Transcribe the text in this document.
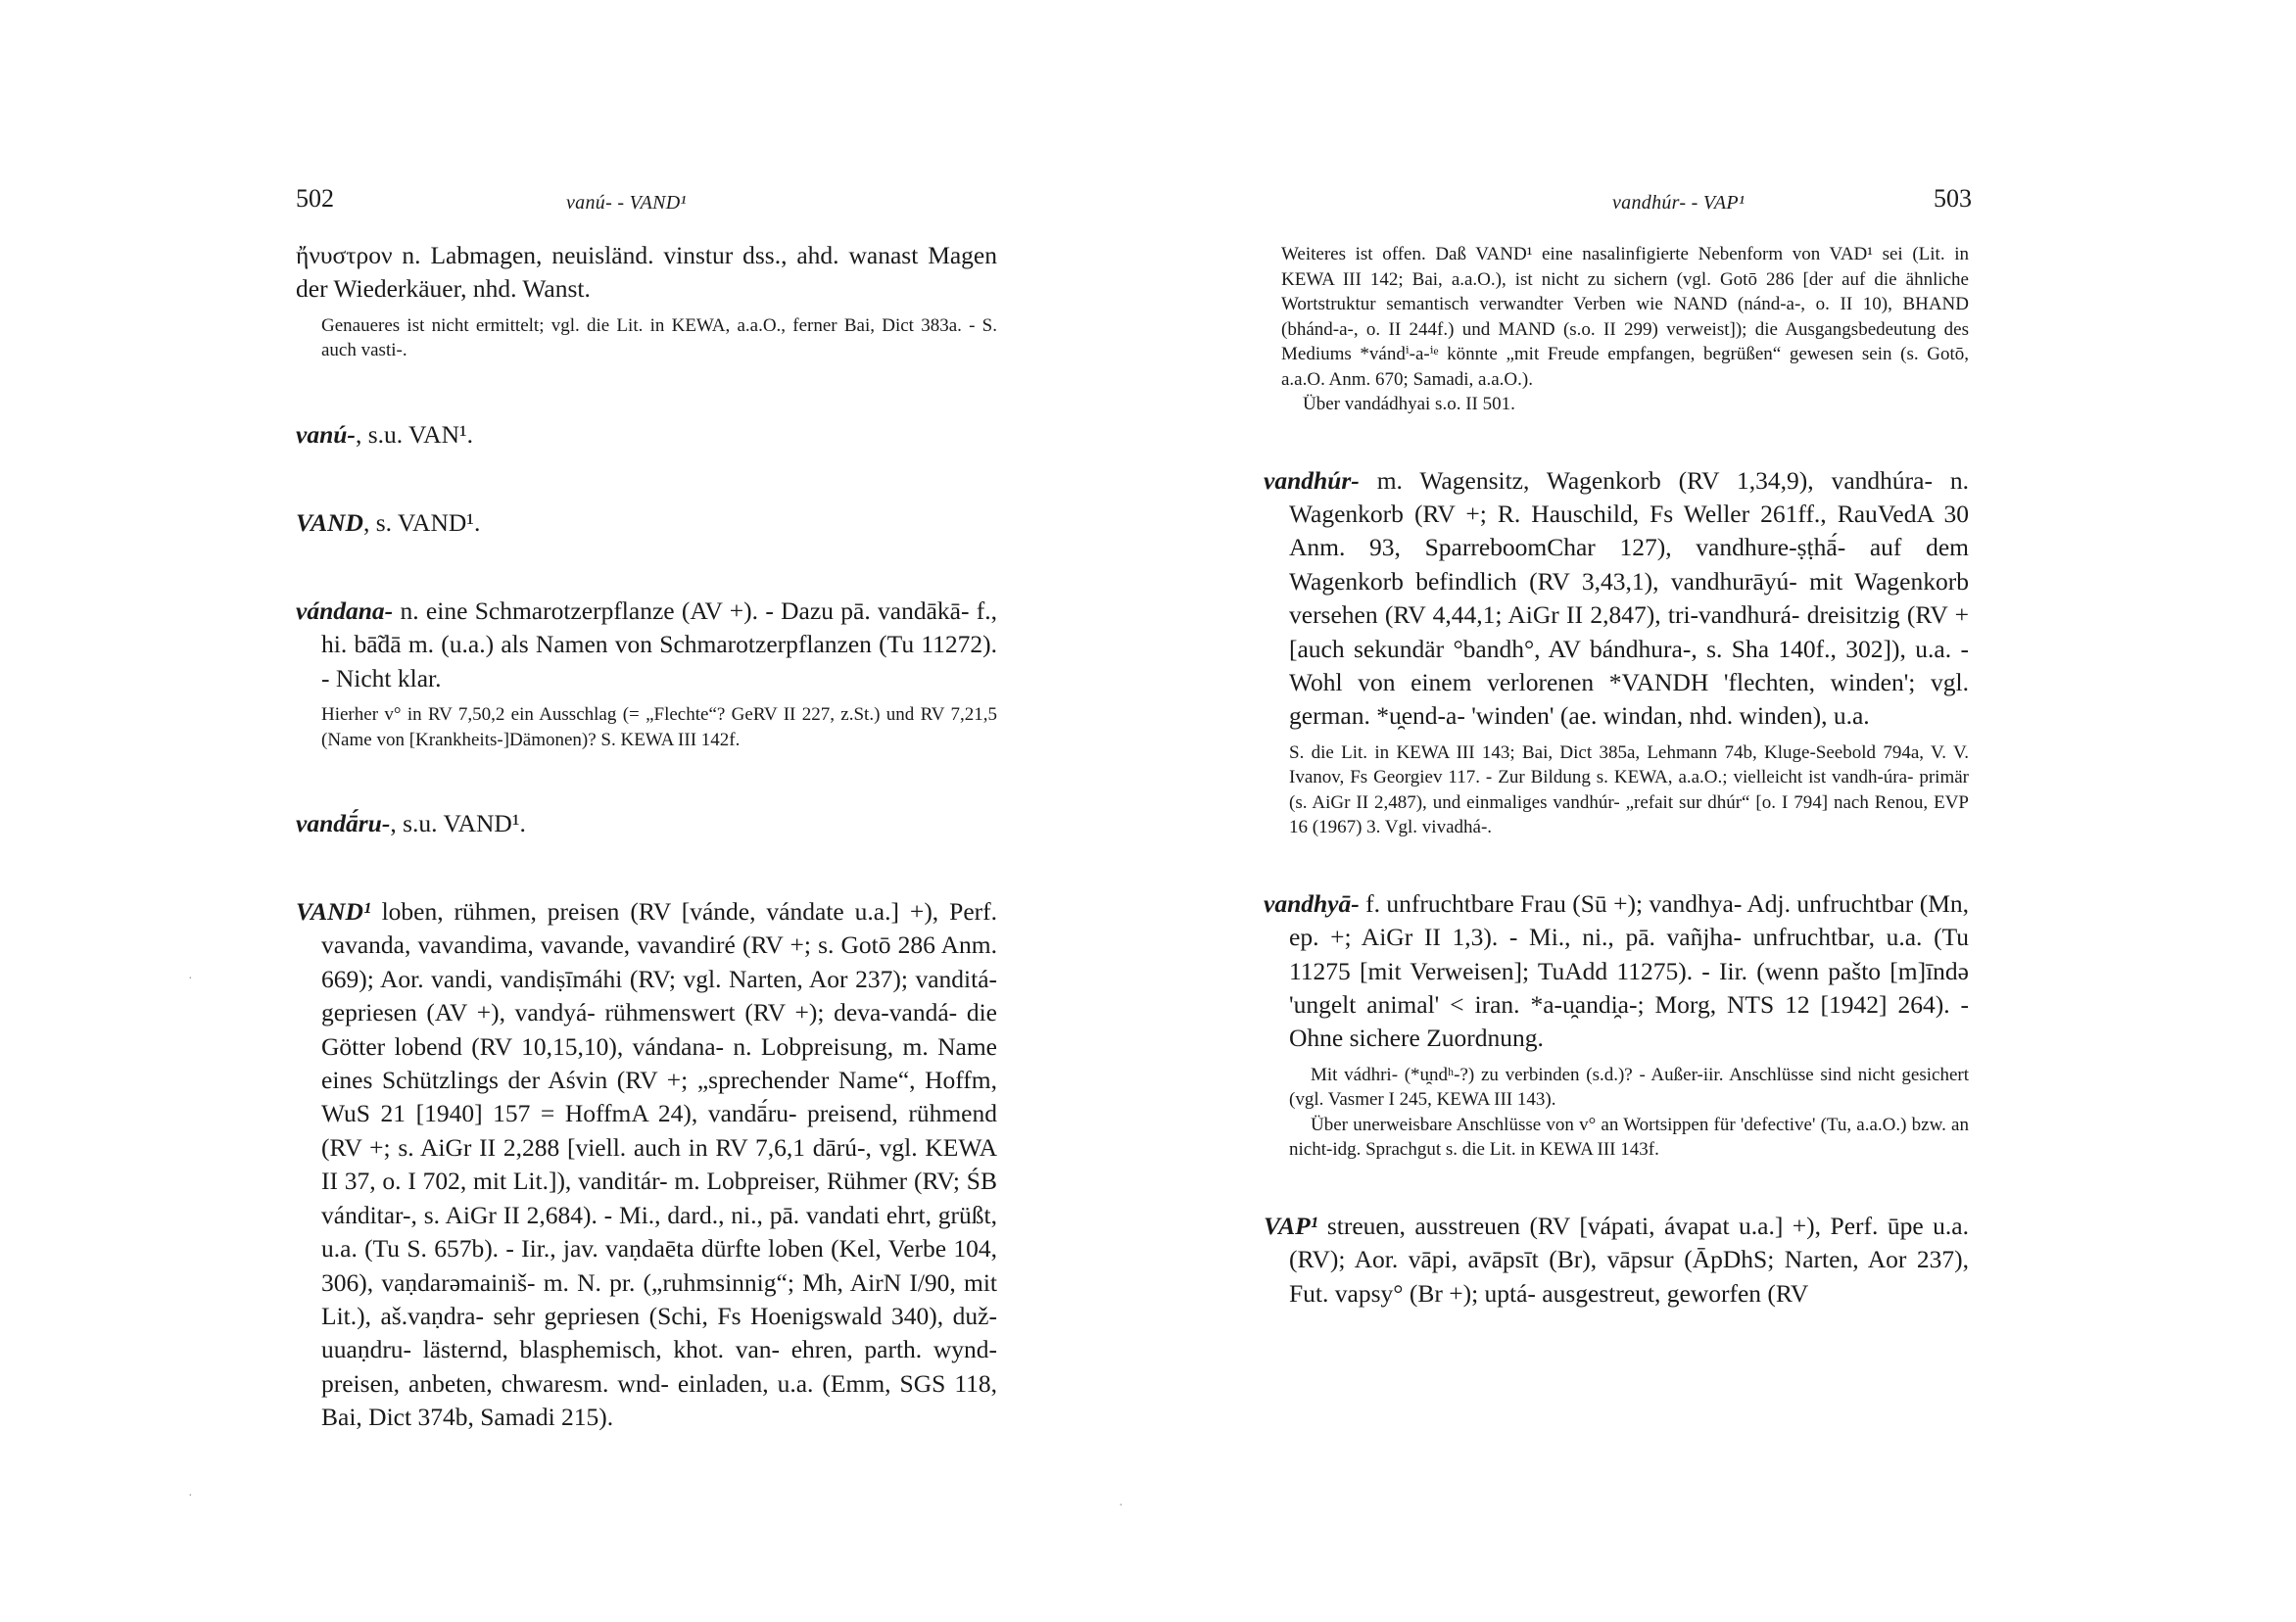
502	vanú- - VAND¹

ἤνυστρον n. Labmagen, neuisländ. vinstur dss., ahd. wanast Magen der Wiederkäuer, nhd. Wanst.

Genaueres ist nicht ermittelt; vgl. die Lit. in KEWA, a.a.O., ferner Bai, Dict 383a. - S. auch vasti-.

vanú-, s.u. VAN¹.

VAND, s. VAND¹.

vándana- n. eine Schmarotzerpflanze (AV +). - Dazu pā. vandākā- f., hi. bā̃dā m. (u.a.) als Namen von Schmarotzerpflanzen (Tu 11272). - Nicht klar.

Hierher v° in RV 7,50,2 ein Ausschlag (= „Flechte“? GeRV II 227, z.St.) und RV 7,21,5 (Name von [Krankheits-]Dämonen)? S. KEWA III 142f.

vandā́ru-, s.u. VAND¹.

VAND¹ loben, rühmen, preisen (RV [vánde, vándate u.a.] +), Perf. vavanda, vavandima, vavande, vavandiré (RV +; s. Gotō 286 Anm. 669); Aor. vandi, vandiṣīmáhi (RV; vgl. Narten, Aor 237); vanditá- gepriesen (AV +), vandyá- rühmenswert (RV +); deva-vandá- die Götter lobend (RV 10,15,10), vándana- n. Lobpreisung, m. Name eines Schützlings der Aśvin (RV +; „sprechender Name“, Hoffm, WuS 21 [1940] 157 = HoffmA 24), vandā́ru- preisend, rühmend (RV +; s. AiGr II 2,288 [viell. auch in RV 7,6,1 dārú-, vgl. KEWA II 37, o. I 702, mit Lit.]), vanditár- m. Lobpreiser, Rühmer (RV; ŚB vánditar-, s. AiGr II 2,684). - Mi., dard., ni., pā. vandati ehrt, grüßt, u.a. (Tu S. 657b). - Iir., jav. vaṇdaēta dürfte loben (Kel, Verbe 104, 306), vaṇdarəmainiš- m. N. pr. („ruhmsinnig“; Mh, AirN I/90, mit Lit.), aš.vaṇdra- sehr gepriesen (Schi, Fs Hoenigswald 340), duž-uuaṇdru- lästernd, blasphemisch, khot. van- ehren, parth. wynd- preisen, anbeten, chwaresm. wnd- einladen, u.a. (Emm, SGS 118, Bai, Dict 374b, Samadi 215).

·
·
vandhúr- - VAP¹	503

Weiteres ist offen. Daß VAND¹ eine nasalinfigierte Nebenform von VAD¹ sei (Lit. in KEWA III 142; Bai, a.a.O.), ist nicht zu sichern (vgl. Gotō 286 [der auf die ähnliche Wortstruktur semantisch verwandter Verben wie NAND (nánd-a-, o. II 10), BHAND (bhánd-a-, o. II 244f.) und MAND (s.o. II 299) verweist]); die Ausgangsbedeutung des Mediums *vándⁱ-a-ⁱᵉ könnte „mit Freude empfangen, begrüßen“ gewesen sein (s. Gotō, a.a.O. Anm. 670; Samadi, a.a.O.).

Über vandádhyai s.o. II 501.

vandhúr- m. Wagensitz, Wagenkorb (RV 1,34,9), vandhúra- n. Wagenkorb (RV +; R. Hauschild, Fs Weller 261ff., RauVedA 30 Anm. 93, SparreboomChar 127), vandhure-ṣṭhā́- auf dem Wagenkorb befindlich (RV 3,43,1), vandhurāyú- mit Wagenkorb versehen (RV 4,44,1; AiGr II 2,847), tri-vandhurá- dreisitzig (RV + [auch sekundär °bandh°, AV bándhura-, s. Sha 140f., 302]), u.a. - Wohl von einem verlorenen *VANDH 'flechten, winden'; vgl. german. *u̯end-a- 'winden' (ae. windan, nhd. winden), u.a.

S. die Lit. in KEWA III 143; Bai, Dict 385a, Lehmann 74b, Kluge-Seebold 794a, V. V. Ivanov, Fs Georgiev 117. - Zur Bildung s. KEWA, a.a.O.; vielleicht ist vandh-úra- primär (s. AiGr II 2,487), und einmaliges vandhúr- „refait sur dhúr“ [o. I 794] nach Renou, EVP 16 (1967) 3. Vgl. vivadhá-.

vandhyā- f. unfruchtbare Frau (Sū +); vandhya- Adj. unfruchtbar (Mn, ep. +; AiGr II 1,3). - Mi., ni., pā. vañjha- unfruchtbar, u.a. (Tu 11275 [mit Verweisen]; TuAdd 11275). - Iir. (wenn pašto [m]īndə 'ungelt animal' < iran. *a-u̯andi̯a-; Morg, NTS 12 [1942] 264). - Ohne sichere Zuordnung.

Mit vádhri- (*u̯ndʰ-?) zu verbinden (s.d.)? - Außer-iir. Anschlüsse sind nicht gesichert (vgl. Vasmer I 245, KEWA III 143).

Über unerweisbare Anschlüsse von v° an Wortsippen für 'defective' (Tu, a.a.O.) bzw. an nicht-idg. Sprachgut s. die Lit. in KEWA III 143f.

VAP¹ streuen, ausstreuen (RV [vápati, ávapat u.a.] +), Perf. ūpe u.a. (RV); Aor. vāpi, avāpsīt (Br), vāpsur (ĀpDhS; Narten, Aor 237), Fut. vapsy° (Br +); uptá- ausgestreut, geworfen (RV

·
